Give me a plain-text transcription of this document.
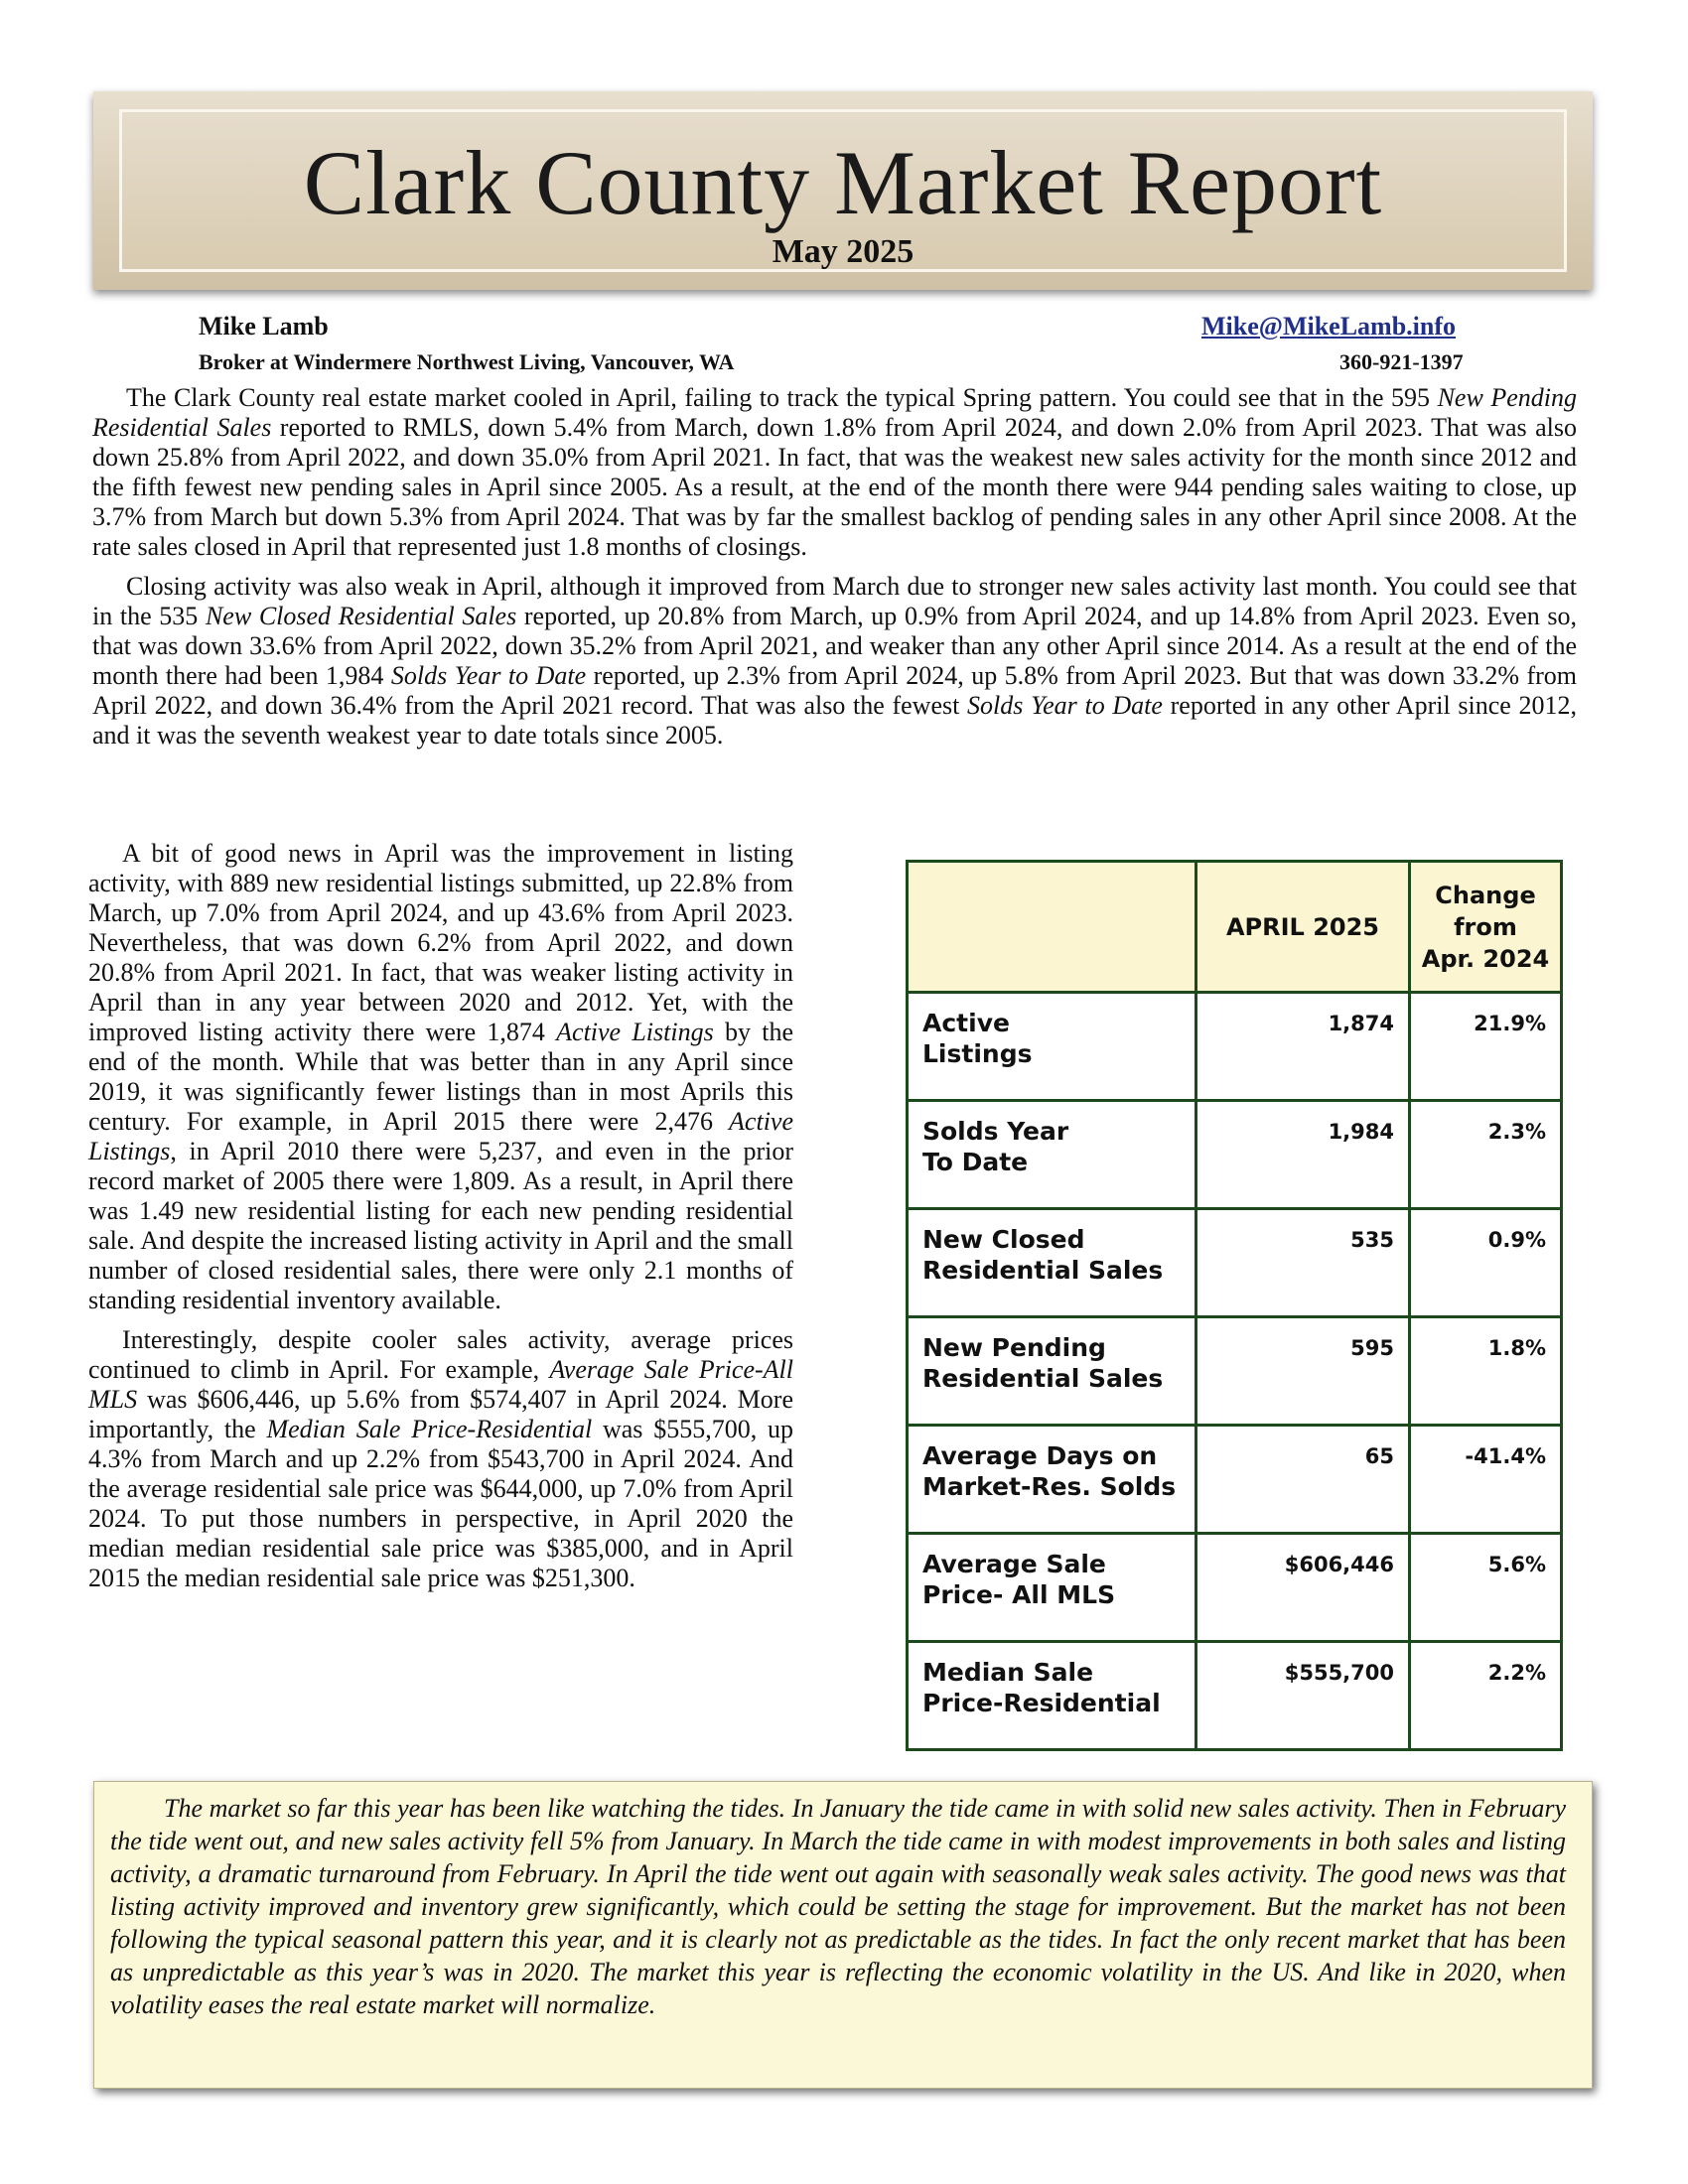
Clark County Market Report
May 2025
Mike Lamb	Mike@MikeLamb.info
Broker at Windermere Northwest Living, Vancouver, WA	360-921-1397

The Clark County real estate market cooled in April, failing to track the typical Spring pattern. You could see that in the 595 New Pending Residential Sales reported to RMLS, down 5.4% from March, down 1.8% from April 2024, and down 2.0% from April 2023. That was also down 25.8% from April 2022, and down 35.0% from April 2021. In fact, that was the weakest new sales activity for the month since 2012 and the fifth fewest new pending sales in April since 2005. As a result, at the end of the month there were 944 pending sales waiting to close, up 3.7% from March but down 5.3% from April 2024. That was by far the smallest backlog of pending sales in any other April since 2008. At the rate sales closed in April that represented just 1.8 months of closings.

Closing activity was also weak in April, although it improved from March due to stronger new sales activity last month. You could see that in the 535 New Closed Residential Sales reported, up 20.8% from March, up 0.9% from April 2024, and up 14.8% from April 2023. Even so, that was down 33.6% from April 2022, down 35.2% from April 2021, and weaker than any other April since 2014. As a result at the end of the month there had been 1,984 Solds Year to Date reported, up 2.3% from April 2024, up 5.8% from April 2023. But that was down 33.2% from April 2022, and down 36.4% from the April 2021 record. That was also the fewest Solds Year to Date reported in any other April since 2012, and it was the seventh weakest year to date totals since 2005.

A bit of good news in April was the improvement in listing activity, with 889 new residential listings submitted, up 22.8% from March, up 7.0% from April 2024, and up 43.6% from April 2023. Nevertheless, that was down 6.2% from April 2022, and down 20.8% from April 2021. In fact, that was weaker listing activity in April than in any year between 2020 and 2012. Yet, with the improved listing activity there were 1,874 Active Listings by the end of the month. While that was better than in any April since 2019, it was significantly fewer listings than in most Aprils this century. For example, in April 2015 there were 2,476 Active Listings, in April 2010 there were 5,237, and even in the prior record market of 2005 there were 1,809. As a result, in April there was 1.49 new residential listing for each new pending residential sale. And despite the increased listing activity in April and the small number of closed residential sales, there were only 2.1 months of standing residential inventory available.

Interestingly, despite cooler sales activity, average prices continued to climb in April. For example, Average Sale Price-All MLS was $606,446, up 5.6% from $574,407 in April 2024. More importantly, the Median Sale Price-Residential was $555,700, up 4.3% from March and up 2.2% from $543,700 in April 2024. And the average residential sale price was $644,000, up 7.0% from April 2024. To put those numbers in perspective, in April 2020 the median median residential sale price was $385,000, and in April 2015 the median residential sale price was $251,300.

	APRIL 2025	Change
from
Apr. 2024
Active
Listings	1,874	21.9%
Solds Year
To Date	1,984	2.3%
New Closed
Residential Sales	535	0.9%
New Pending
Residential Sales	595	1.8%
Average Days on
Market-Res. Solds	65	-41.4%
Average Sale
Price- All MLS	$606,446	5.6%
Median Sale
Price-Residential	$555,700	2.2%

The market so far this year has been like watching the tides. In January the tide came in with solid new sales activity. Then in February the tide went out, and new sales activity fell 5% from January. In March the tide came in with modest improvements in both sales and listing activity, a dramatic turnaround from February. In April the tide went out again with seasonally weak sales activity. The good news was that listing activity improved and inventory grew significantly, which could be setting the stage for improvement. But the market has not been following the typical seasonal pattern this year, and it is clearly not as predictable as the tides. In fact the only recent market that has been as unpredictable as this year’s was in 2020. The market this year is reflecting the economic volatility in the US. And like in 2020, when volatility eases the real estate market will normalize.
